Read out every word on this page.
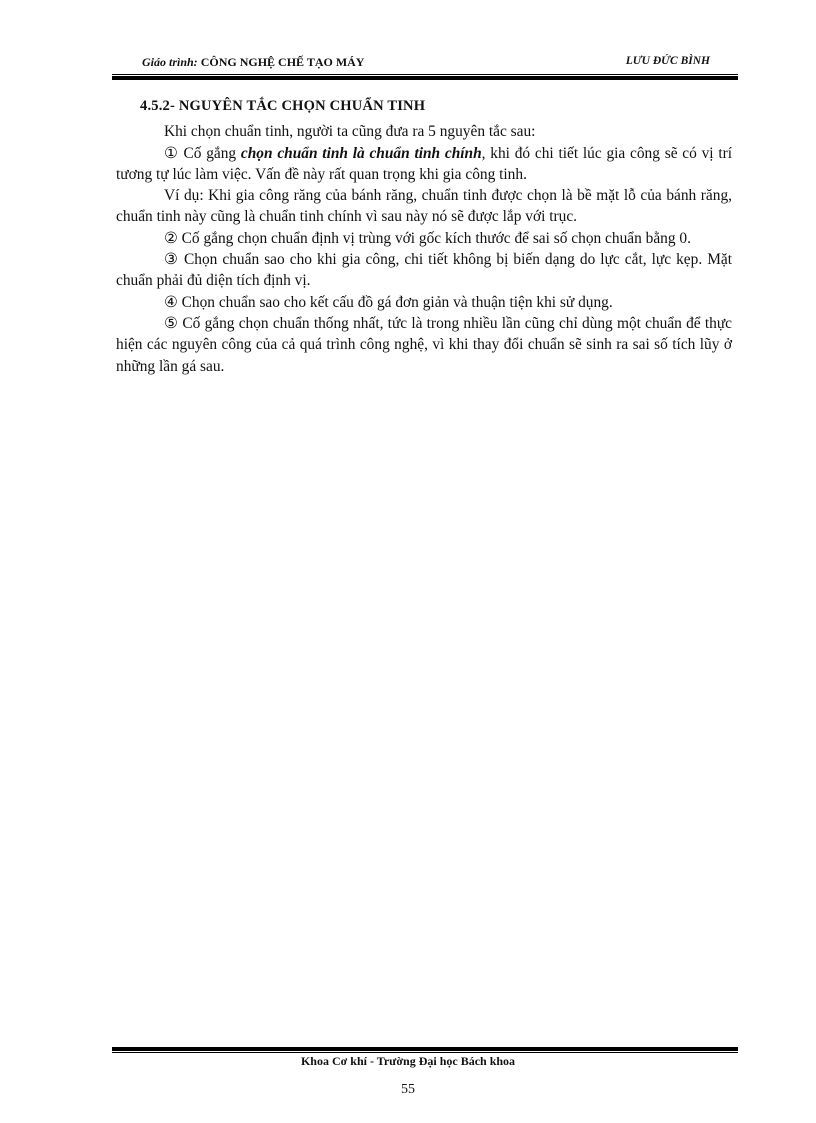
Giáo trình: CÔNG NGHỆ CHẾ TẠO MÁY	LƯU ĐỨC BÌNH
4.5.2- NGUYÊN TẮC CHỌN CHUẨN TINH

Khi chọn chuẩn tinh, người ta cũng đưa ra 5 nguyên tắc sau:

① Cố gắng chọn chuẩn tinh là chuẩn tinh chính, khi đó chi tiết lúc gia công sẽ có vị trí tương tự lúc làm việc. Vấn đề này rất quan trọng khi gia công tinh.

Ví dụ: Khi gia công răng của bánh răng, chuẩn tinh được chọn là bề mặt lỗ của bánh răng, chuẩn tinh này cũng là chuẩn tinh chính vì sau này nó sẽ được lắp với trục.

② Cố gắng chọn chuẩn định vị trùng với gốc kích thước để sai số chọn chuẩn bằng 0.

③ Chọn chuẩn sao cho khi gia công, chi tiết không bị biến dạng do lực cắt, lực kẹp. Mặt chuẩn phải đủ diện tích định vị.

④ Chọn chuẩn sao cho kết cấu đồ gá đơn giản và thuận tiện khi sử dụng.

⑤ Cố gắng chọn chuẩn thống nhất, tức là trong nhiều lần cũng chỉ dùng một chuẩn để thực hiện các nguyên công của cả quá trình công nghệ, vì khi thay đổi chuẩn sẽ sinh ra sai số tích lũy ở những lần gá sau.

Khoa Cơ khí - Trường Đại học Bách khoa
55
